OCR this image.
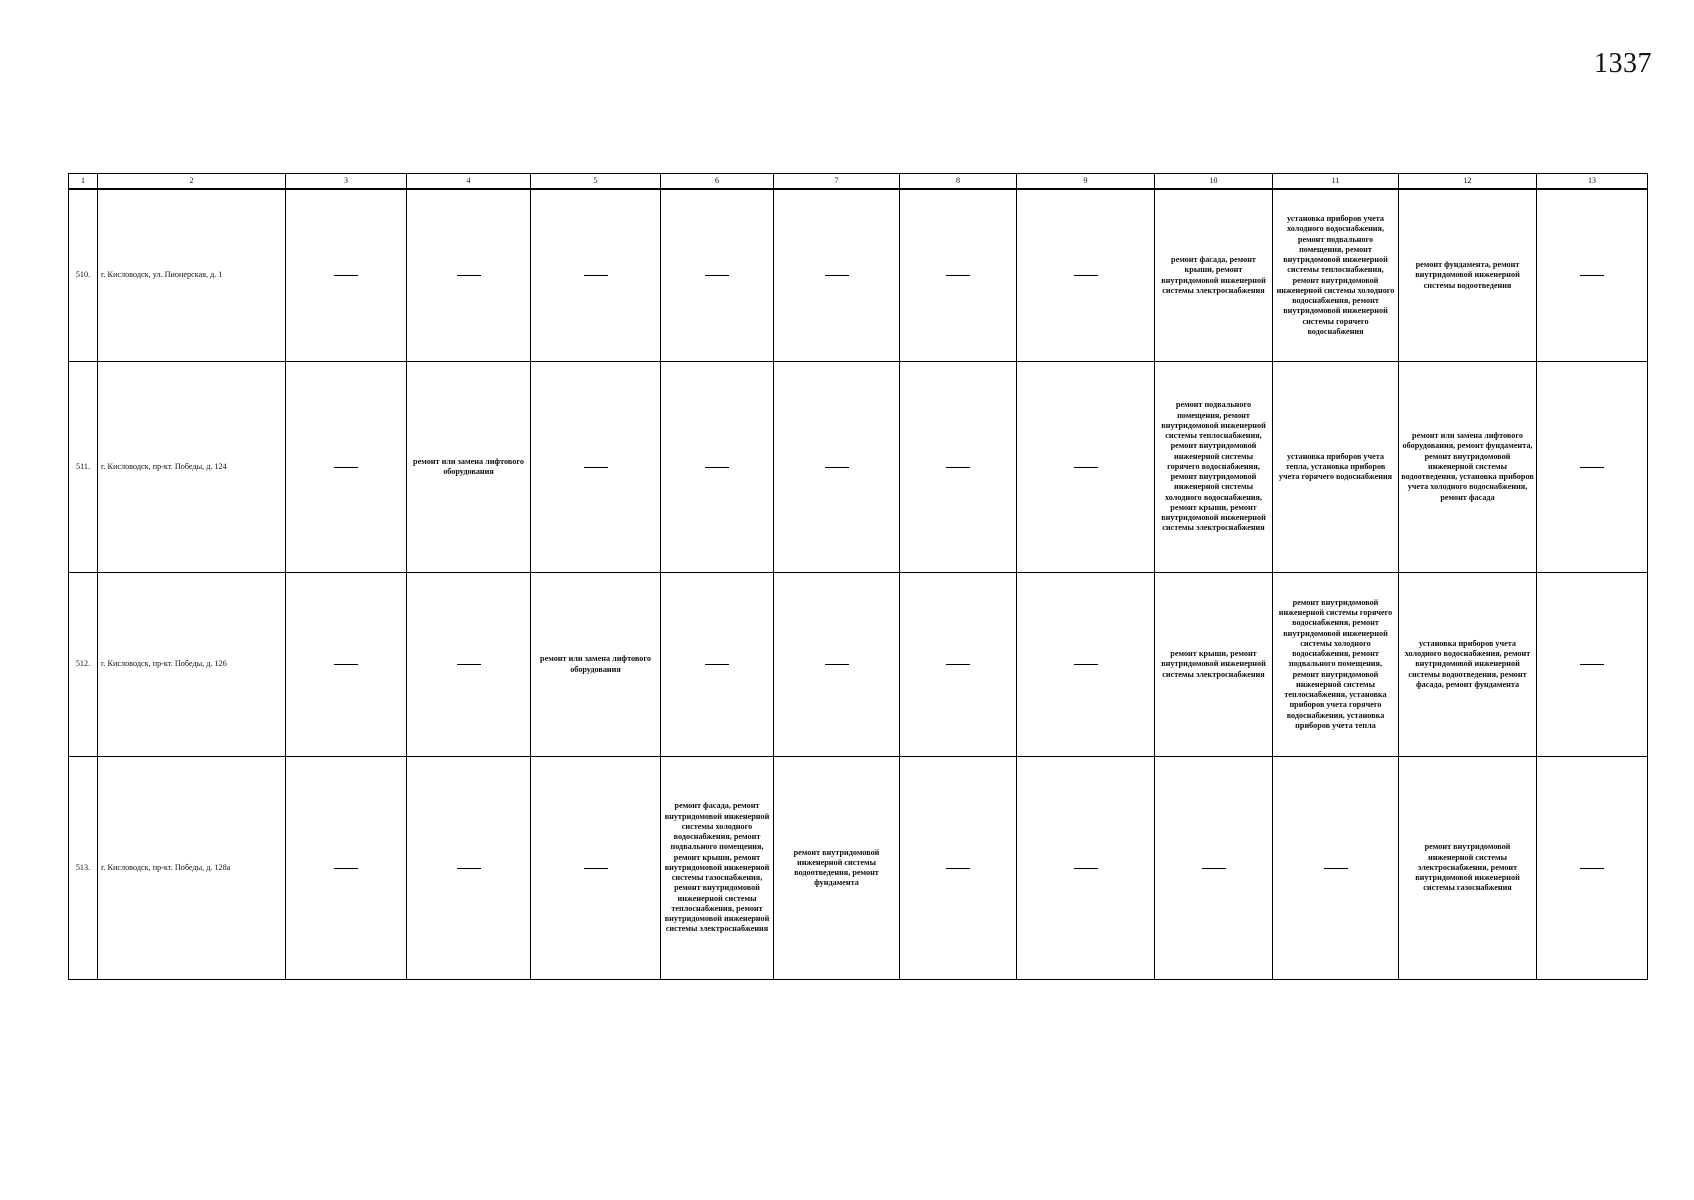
1337
1	2	3	4	5	6	7	8	9	10	11	12	13
510.	г. Кисловодск, ул. Пионерская, д. 1								ремонт фасада, ремонт крыши, ремонт внутридомовой инженерной системы электроснабжения	установка приборов учета холодного водоснабжения, ремонт подвального помещения, ремонт внутридомовой инженерной системы теплоснабжения, ремонт внутридомовой инженерной системы холодного водоснабжения, ремонт внутридомовой инженерной системы горячего водоснабжения	ремонт фундамента, ремонт внутридомовой инженерной системы водоотведения	
511.	г. Кисловодск, пр-кт. Победы, д. 124		ремонт или замена лифтового оборудования						ремонт подвального помещения, ремонт внутридомовой инженерной системы теплоснабжения, ремонт внутридомовой инженерной системы горячего водоснабжения, ремонт внутридомовой инженерной системы холодного водоснабжения, ремонт крыши, ремонт внутридомовой инженерной системы электроснабжения	установка приборов учета тепла, установка приборов учета горячего водоснабжения	ремонт или замена лифтового оборудования, ремонт фундамента, ремонт внутридомовой инженерной системы водоотведения, установка приборов учета холодного водоснабжения, ремонт фасада	
512.	г. Кисловодск, пр-кт. Победы, д. 126			ремонт или замена лифтового оборудования					ремонт крыши, ремонт внутридомовой инженерной системы электроснабжения	ремонт внутридомовой инженерной системы горячего водоснабжения, ремонт внутридомовой инженерной системы холодного водоснабжения, ремонт подвального помещения, ремонт внутридомовой инженерной системы теплоснабжения, установка приборов учета горячего водоснабжения, установка приборов учета тепла	установка приборов учета холодного водоснабжения, ремонт внутридомовой инженерной системы водоотведения, ремонт фасада, ремонт фундамента	
513.	г. Кисловодск, пр-кт. Победы, д. 128а				ремонт фасада, ремонт внутридомовой инженерной системы холодного водоснабжения, ремонт подвального помещения, ремонт крыши, ремонт внутридомовой инженерной системы газоснабжения, ремонт внутридомовой инженерной системы теплоснабжения, ремонт внутридомовой инженерной системы электроснабжения	ремонт внутридомовой инженерной системы водоотведения, ремонт фундамента					ремонт внутридомовой инженерной системы электроснабжения, ремонт внутридомовой инженерной системы газоснабжения	
